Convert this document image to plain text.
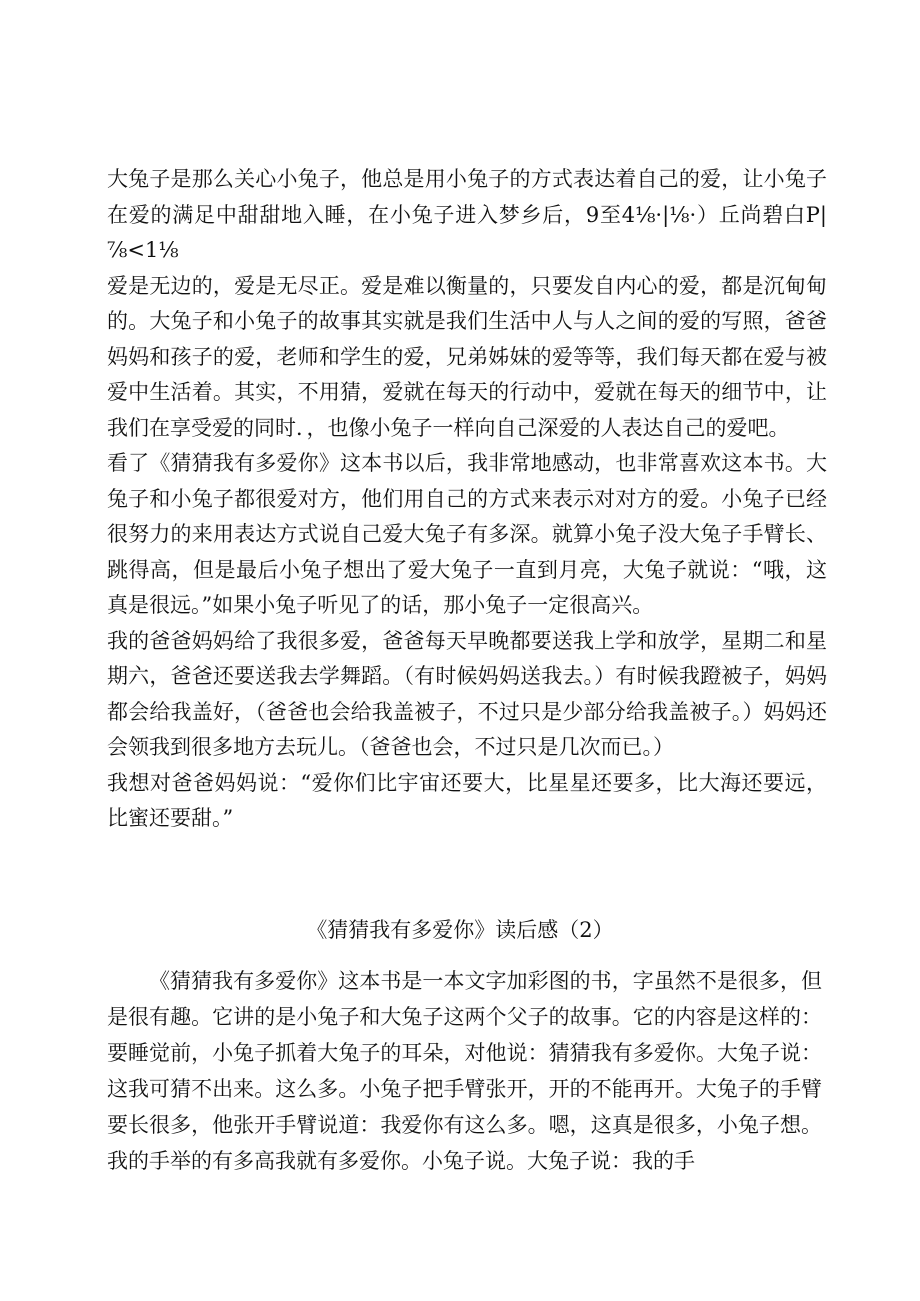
大兔子是那么关心小兔子，他总是用小兔子的方式表达着自己的爱，让小兔子在爱的满足中甜甜地入睡，在小兔子进入梦乡后，9至4⅛·|⅛·）丘尚碧白P|⅞<1⅛
爱是无边的，爱是无尽正。爱是难以衡量的，只要发自内心的爱，都是沉甸甸的。大兔子和小兔子的故事其实就是我们生活中人与人之间的爱的写照，爸爸妈妈和孩子的爱，老师和学生的爱，兄弟姊妹的爱等等，我们每天都在爱与被爱中生活着。其实，不用猜，爱就在每天的行动中，爱就在每天的细节中，让我们在享受爱的同时．，也像小兔子一样向自己深爱的人表达自己的爱吧。
看了《猜猜我有多爱你》这本书以后，我非常地感动，也非常喜欢这本书。大兔子和小兔子都很爱对方，他们用自己的方式来表示对对方的爱。小兔子已经很努力的来用表达方式说自己爱大兔子有多深。就算小兔子没大兔子手臂长、跳得高，但是最后小兔子想出了爱大兔子一直到月亮，大兔子就说：“哦，这真是很远。”如果小兔子听见了的话，那小兔子一定很高兴。
我的爸爸妈妈给了我很多爱，爸爸每天早晚都要送我上学和放学，星期二和星期六，爸爸还要送我去学舞蹈。（有时候妈妈送我去。）有时候我蹬被子，妈妈都会给我盖好，（爸爸也会给我盖被子，不过只是少部分给我盖被子。）妈妈还会领我到很多地方去玩儿。（爸爸也会，不过只是几次而已。）
我想对爸爸妈妈说：“爱你们比宇宙还要大，比星星还要多，比大海还要远，比蜜还要甜。”
《猜猜我有多爱你》读后感（2）

《猜猜我有多爱你》这本书是一本文字加彩图的书，字虽然不是很多，但是很有趣。它讲的是小兔子和大兔子这两个父子的故事。它的内容是这样的：要睡觉前，小兔子抓着大兔子的耳朵，对他说：猜猜我有多爱你。大兔子说：这我可猜不出来。这么多。小兔子把手臂张开，开的不能再开。大兔子的手臂要长很多，他张开手臂说道：我爱你有这么多。嗯，这真是很多，小兔子想。我的手举的有多高我就有多爱你。小兔子说。大兔子说：我的手
